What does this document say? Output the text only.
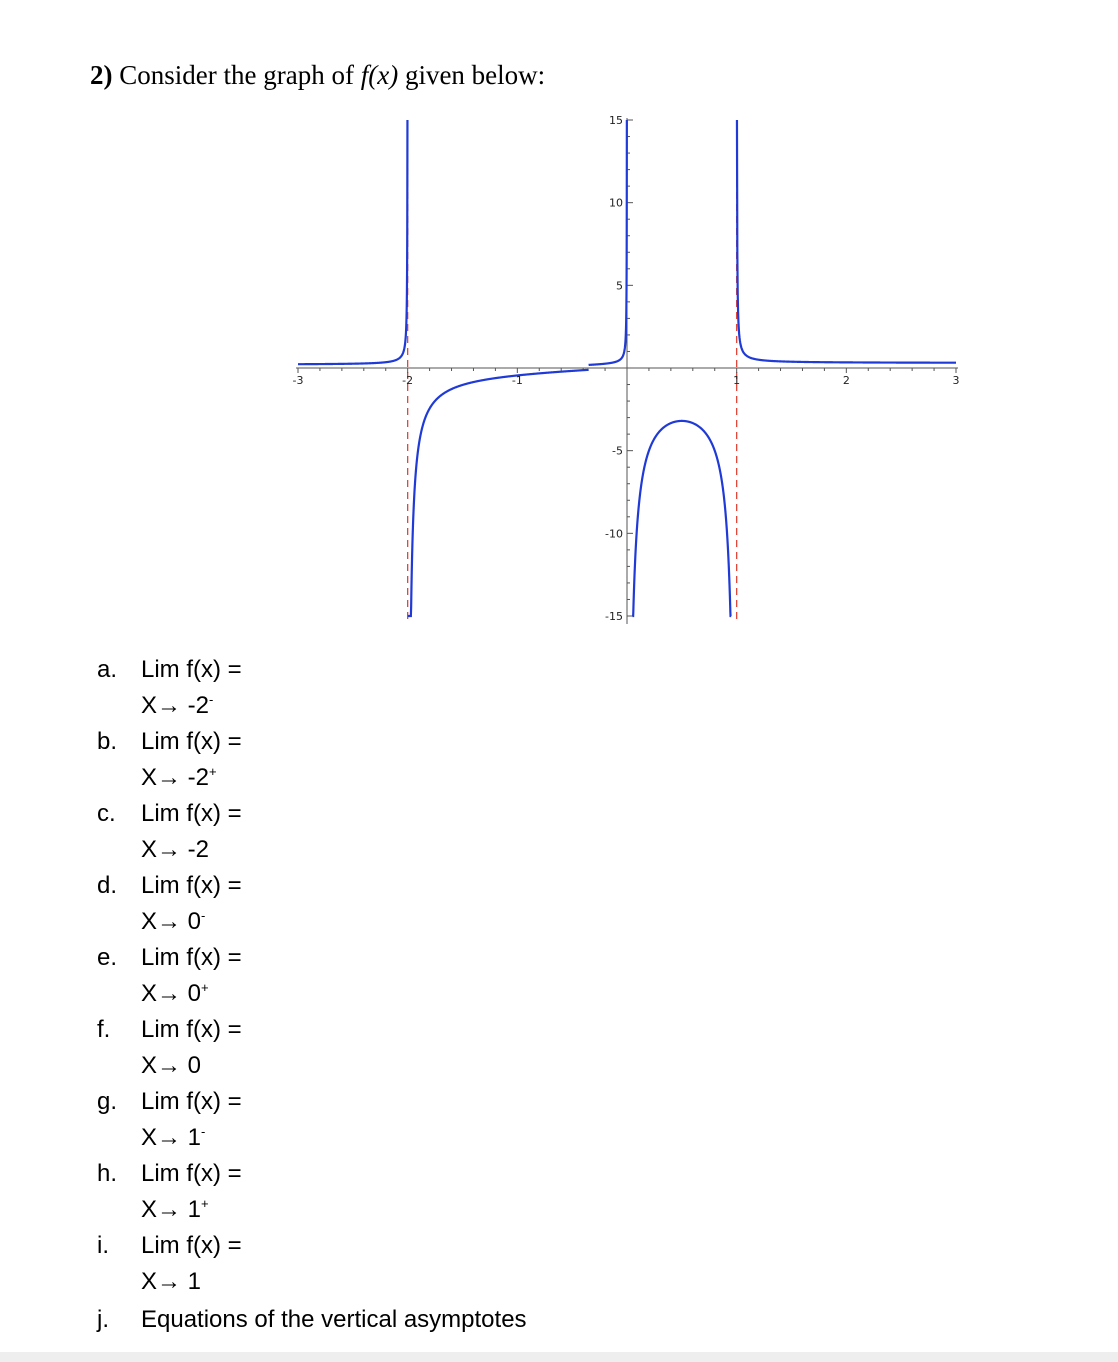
2) Consider the graph of f(x) given below:
-3	-2	-1	1	2	3
15
10
5
-5
-10
-15
a. Lim f(x) =
X→ -2-
b. Lim f(x) =
X→ -2+
c. Lim f(x) =
X→ -2
d. Lim f(x) =
X→ 0-
e. Lim f(x) =
X→ 0+
f. Lim f(x) =
X→ 0
g. Lim f(x) =
X→ 1-
h. Lim f(x) =
X→ 1+
i. Lim f(x) =
X→ 1
j. Equations of the vertical asymptotes
